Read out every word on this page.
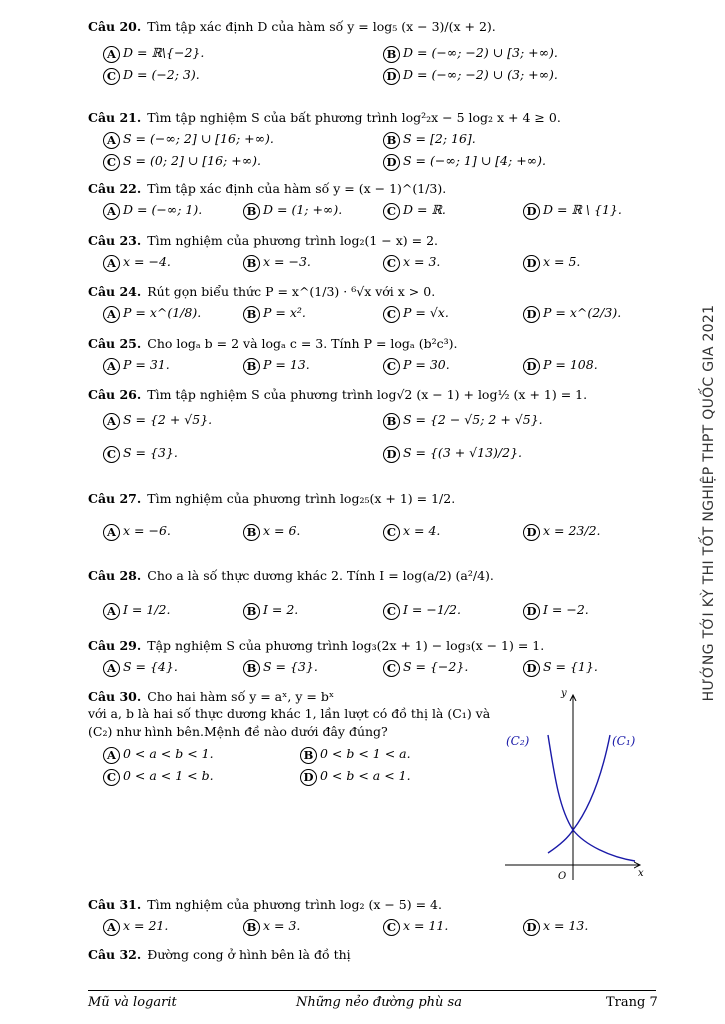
Câu 20. Tìm tập xác định D của hàm số y = log₅ (x − 3)/(x + 2).
A D = ℝ\{−2}.	B D = (−∞; −2) ∪ [3; +∞).
C D = (−2; 3).	D D = (−∞; −2) ∪ (3; +∞).
Câu 21. Tìm tập nghiệm S của bất phương trình log²₂x − 5 log₂ x + 4 ≥ 0.
A S = (−∞; 2] ∪ [16; +∞).	B S = [2; 16].
C S = (0; 2] ∪ [16; +∞).	D S = (−∞; 1] ∪ [4; +∞).
Câu 22. Tìm tập xác định của hàm số y = (x − 1)^(1/3).
A D = (−∞; 1).	B D = (1; +∞).	C D = ℝ.	D D = ℝ \ {1}.
Câu 23. Tìm nghiệm của phương trình log₂(1 − x) = 2.
A x = −4.	B x = −3.	C x = 3.	D x = 5.
Câu 24. Rút gọn biểu thức P = x^(1/3) · ⁶√x với x > 0.
A P = x^(1/8).	B P = x².	C P = √x.	D P = x^(2/3).
Câu 25. Cho logₐ b = 2 và logₐ c = 3. Tính P = logₐ (b²c³).
A P = 31.	B P = 13.	C P = 30.	D P = 108.
Câu 26. Tìm tập nghiệm S của phương trình log√2 (x − 1) + log½ (x + 1) = 1.
A S = {2 + √5}.	B S = {2 − √5; 2 + √5}.
C S = {3}.	D S = {(3 + √13)/2}.
Câu 27. Tìm nghiệm của phương trình log₂₅(x + 1) = 1/2.
A x = −6.	B x = 6.	C x = 4.	D x = 23/2.
Câu 28. Cho a là số thực dương khác 2. Tính I = log(a/2) (a²/4).
A I = 1/2.	B I = 2.	C I = −1/2.	D I = −2.
Câu 29. Tập nghiệm S của phương trình log₃(2x + 1) − log₃(x − 1) = 1.
A S = {4}.	B S = {3}.	C S = {−2}.	D S = {1}.
Câu 30. Cho hai hàm số y = aˣ, y = bˣ
với a, b là hai số thực dương khác 1, lần lượt có đồ thị là (C₁) và
(C₂) như hình bên.Mệnh đề nào dưới đây đúng?
A 0 < a < b < 1.	B 0 < b < 1 < a.
C 0 < a < 1 < b.	D 0 < b < a < 1.
(C₂)	(C₁)
y
x
O
Câu 31. Tìm nghiệm của phương trình log₂ (x − 5) = 4.
A x = 21.	B x = 3.	C x = 11.	D x = 13.
Câu 32. Đường cong ở hình bên là đồ thị
HƯỚNG TỚI KỲ THI TỐT NGHIỆP THPT QUỐC GIA 2021
Mũ và logarit	Những nẻo đường phù sa	Trang 7
